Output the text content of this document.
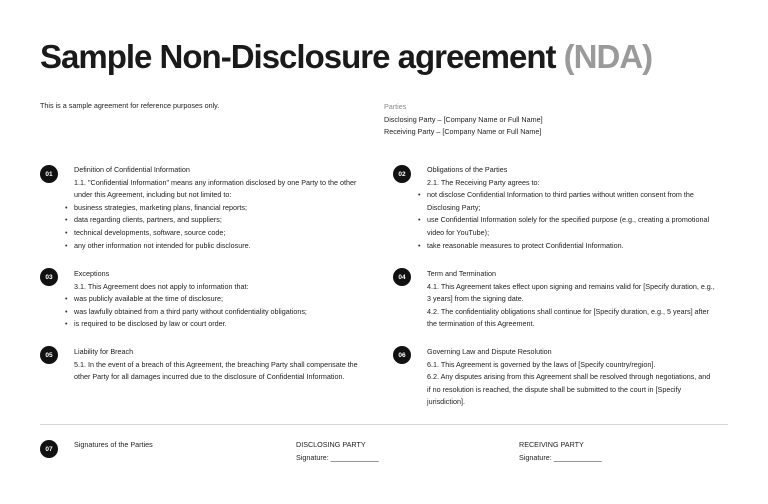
Sample Non-Disclosure agreement (NDA)
This is a sample agreement for reference purposes only.	Parties
Disclosing Party – [Company Name or Full Name]
Receiving Party – [Company Name or Full Name]
01	Definition of Confidential Information
1.1. "Confidential Information" means any information disclosed by one Party to the other
under this Agreement, including but not limited to:
• business strategies, marketing plans, financial reports;
• data regarding clients, partners, and suppliers;
• technical developments, software, source code;
• any other information not intended for public disclosure.
02	Obligations of the Parties
2.1. The Receiving Party agrees to:
• not disclose Confidential Information to third parties without written consent from the
Disclosing Party;
• use Confidential Information solely for the specified purpose (e.g., creating a promotional
video for YouTube);
• take reasonable measures to protect Confidential Information.
03	Exceptions
3.1. This Agreement does not apply to information that:
• was publicly available at the time of disclosure;
• was lawfully obtained from a third party without confidentiality obligations;
• is required to be disclosed by law or court order.
04	Term and Termination
4.1. This Agreement takes effect upon signing and remains valid for [Specify duration, e.g.,
3 years] from the signing date.
4.2. The confidentiality obligations shall continue for [Specify duration, e.g., 5 years] after
the termination of this Agreement.
05	Liability for Breach
5.1. In the event of a breach of this Agreement, the breaching Party shall compensate the
other Party for all damages incurred due to the disclosure of Confidential Information.
06	Governing Law and Dispute Resolution
6.1. This Agreement is governed by the laws of [Specify country/region].
6.2. Any disputes arising from this Agreement shall be resolved through negotiations, and
if no resolution is reached, the dispute shall be submitted to the court in [Specify
jurisdiction].
07	Signatures of the Parties	DISCLOSING PARTY
Signature: ____________
RECEIVING PARTY
Signature: ____________
